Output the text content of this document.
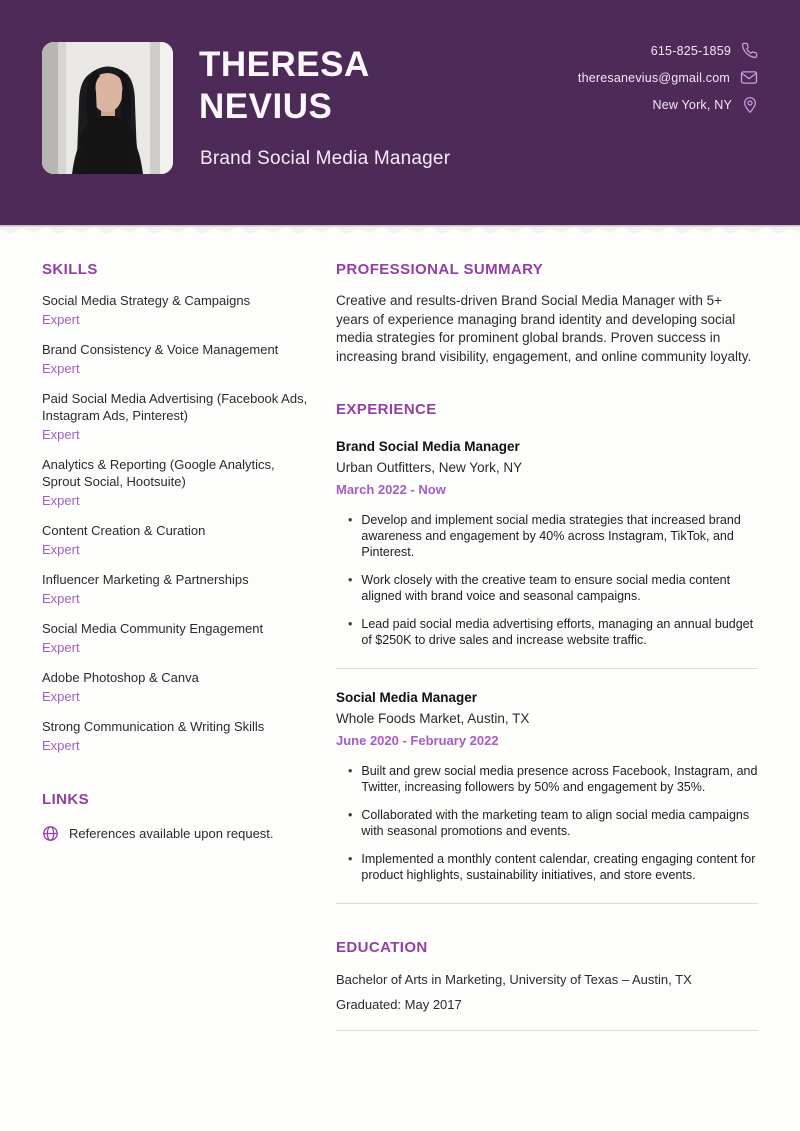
THERESA
NEVIUS
Brand Social Media Manager
615-825-1859
theresanevius@gmail.com
New York, NY
SKILLS
Social Media Strategy & Campaigns
Expert
Brand Consistency & Voice Management
Expert
Paid Social Media Advertising (Facebook Ads, Instagram Ads, Pinterest)
Expert
Analytics & Reporting (Google Analytics, Sprout Social, Hootsuite)
Expert
Content Creation & Curation
Expert
Influencer Marketing & Partnerships
Expert
Social Media Community Engagement
Expert
Adobe Photoshop & Canva
Expert
Strong Communication & Writing Skills
Expert
LINKS
References available upon request.
PROFESSIONAL SUMMARY

Creative and results-driven Brand Social Media Manager with 5+ years of experience managing brand identity and developing social media strategies for prominent global brands. Proven success in increasing brand visibility, engagement, and online community loyalty.

EXPERIENCE
Brand Social Media Manager
Urban Outfitters, New York, NY
March 2022 - Now
• Develop and implement social media strategies that increased brand awareness and engagement by 40% across Instagram, TikTok, and Pinterest.
• Work closely with the creative team to ensure social media content aligned with brand voice and seasonal campaigns.
• Lead paid social media advertising efforts, managing an annual budget of $250K to drive sales and increase website traffic.
Social Media Manager
Whole Foods Market, Austin, TX
June 2020 - February 2022
• Built and grew social media presence across Facebook, Instagram, and Twitter, increasing followers by 50% and engagement by 35%.
• Collaborated with the marketing team to align social media campaigns with seasonal promotions and events.
• Implemented a monthly content calendar, creating engaging content for product highlights, sustainability initiatives, and store events.
EDUCATION
Bachelor of Arts in Marketing, University of Texas – Austin, TX
Graduated: May 2017
